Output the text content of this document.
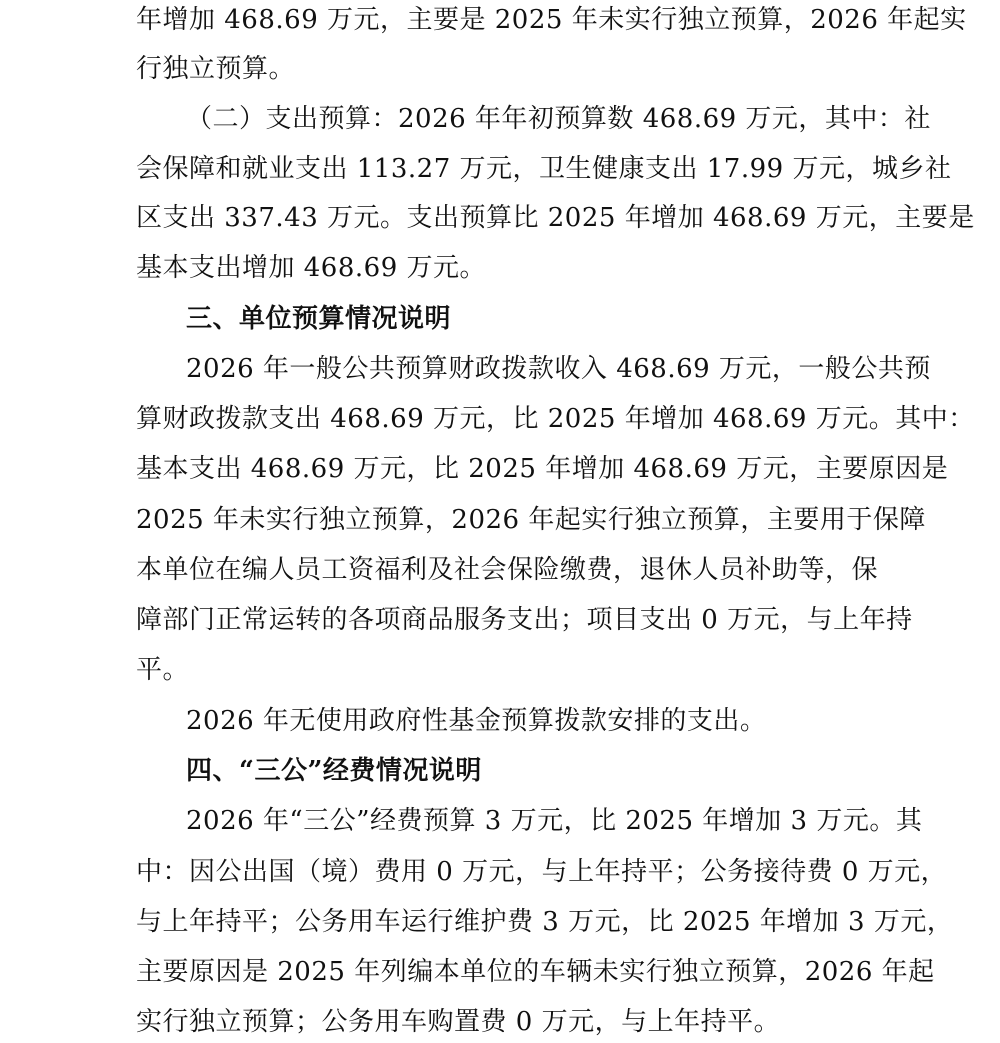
年增加 468.69 万元，主要是 2025 年未实行独立预算，2026 年起实
行独立预算。
（二）支出预算：2026 年年初预算数 468.69 万元，其中：社
会保障和就业支出 113.27 万元，卫生健康支出 17.99 万元，城乡社
区支出 337.43 万元。支出预算比 2025 年增加 468.69 万元，主要是
基本支出增加 468.69 万元。
三、单位预算情况说明
2026 年一般公共预算财政拨款收入 468.69 万元，一般公共预
算财政拨款支出 468.69 万元，比 2025 年增加 468.69 万元。其中：
基本支出 468.69 万元，比 2025 年增加 468.69 万元，主要原因是
2025 年未实行独立预算，2026 年起实行独立预算，主要用于保障
本单位在编人员工资福利及社会保险缴费，退休人员补助等，保
障部门正常运转的各项商品服务支出；项目支出 0 万元，与上年持
平。
2026 年无使用政府性基金预算拨款安排的支出。
四、“三公”经费情况说明
2026 年“三公”经费预算 3 万元，比 2025 年增加 3 万元。其
中：因公出国（境）费用 0 万元，与上年持平；公务接待费 0 万元，
与上年持平；公务用车运行维护费 3 万元，比 2025 年增加 3 万元，
主要原因是 2025 年列编本单位的车辆未实行独立预算，2026 年起
实行独立预算；公务用车购置费 0 万元，与上年持平。
